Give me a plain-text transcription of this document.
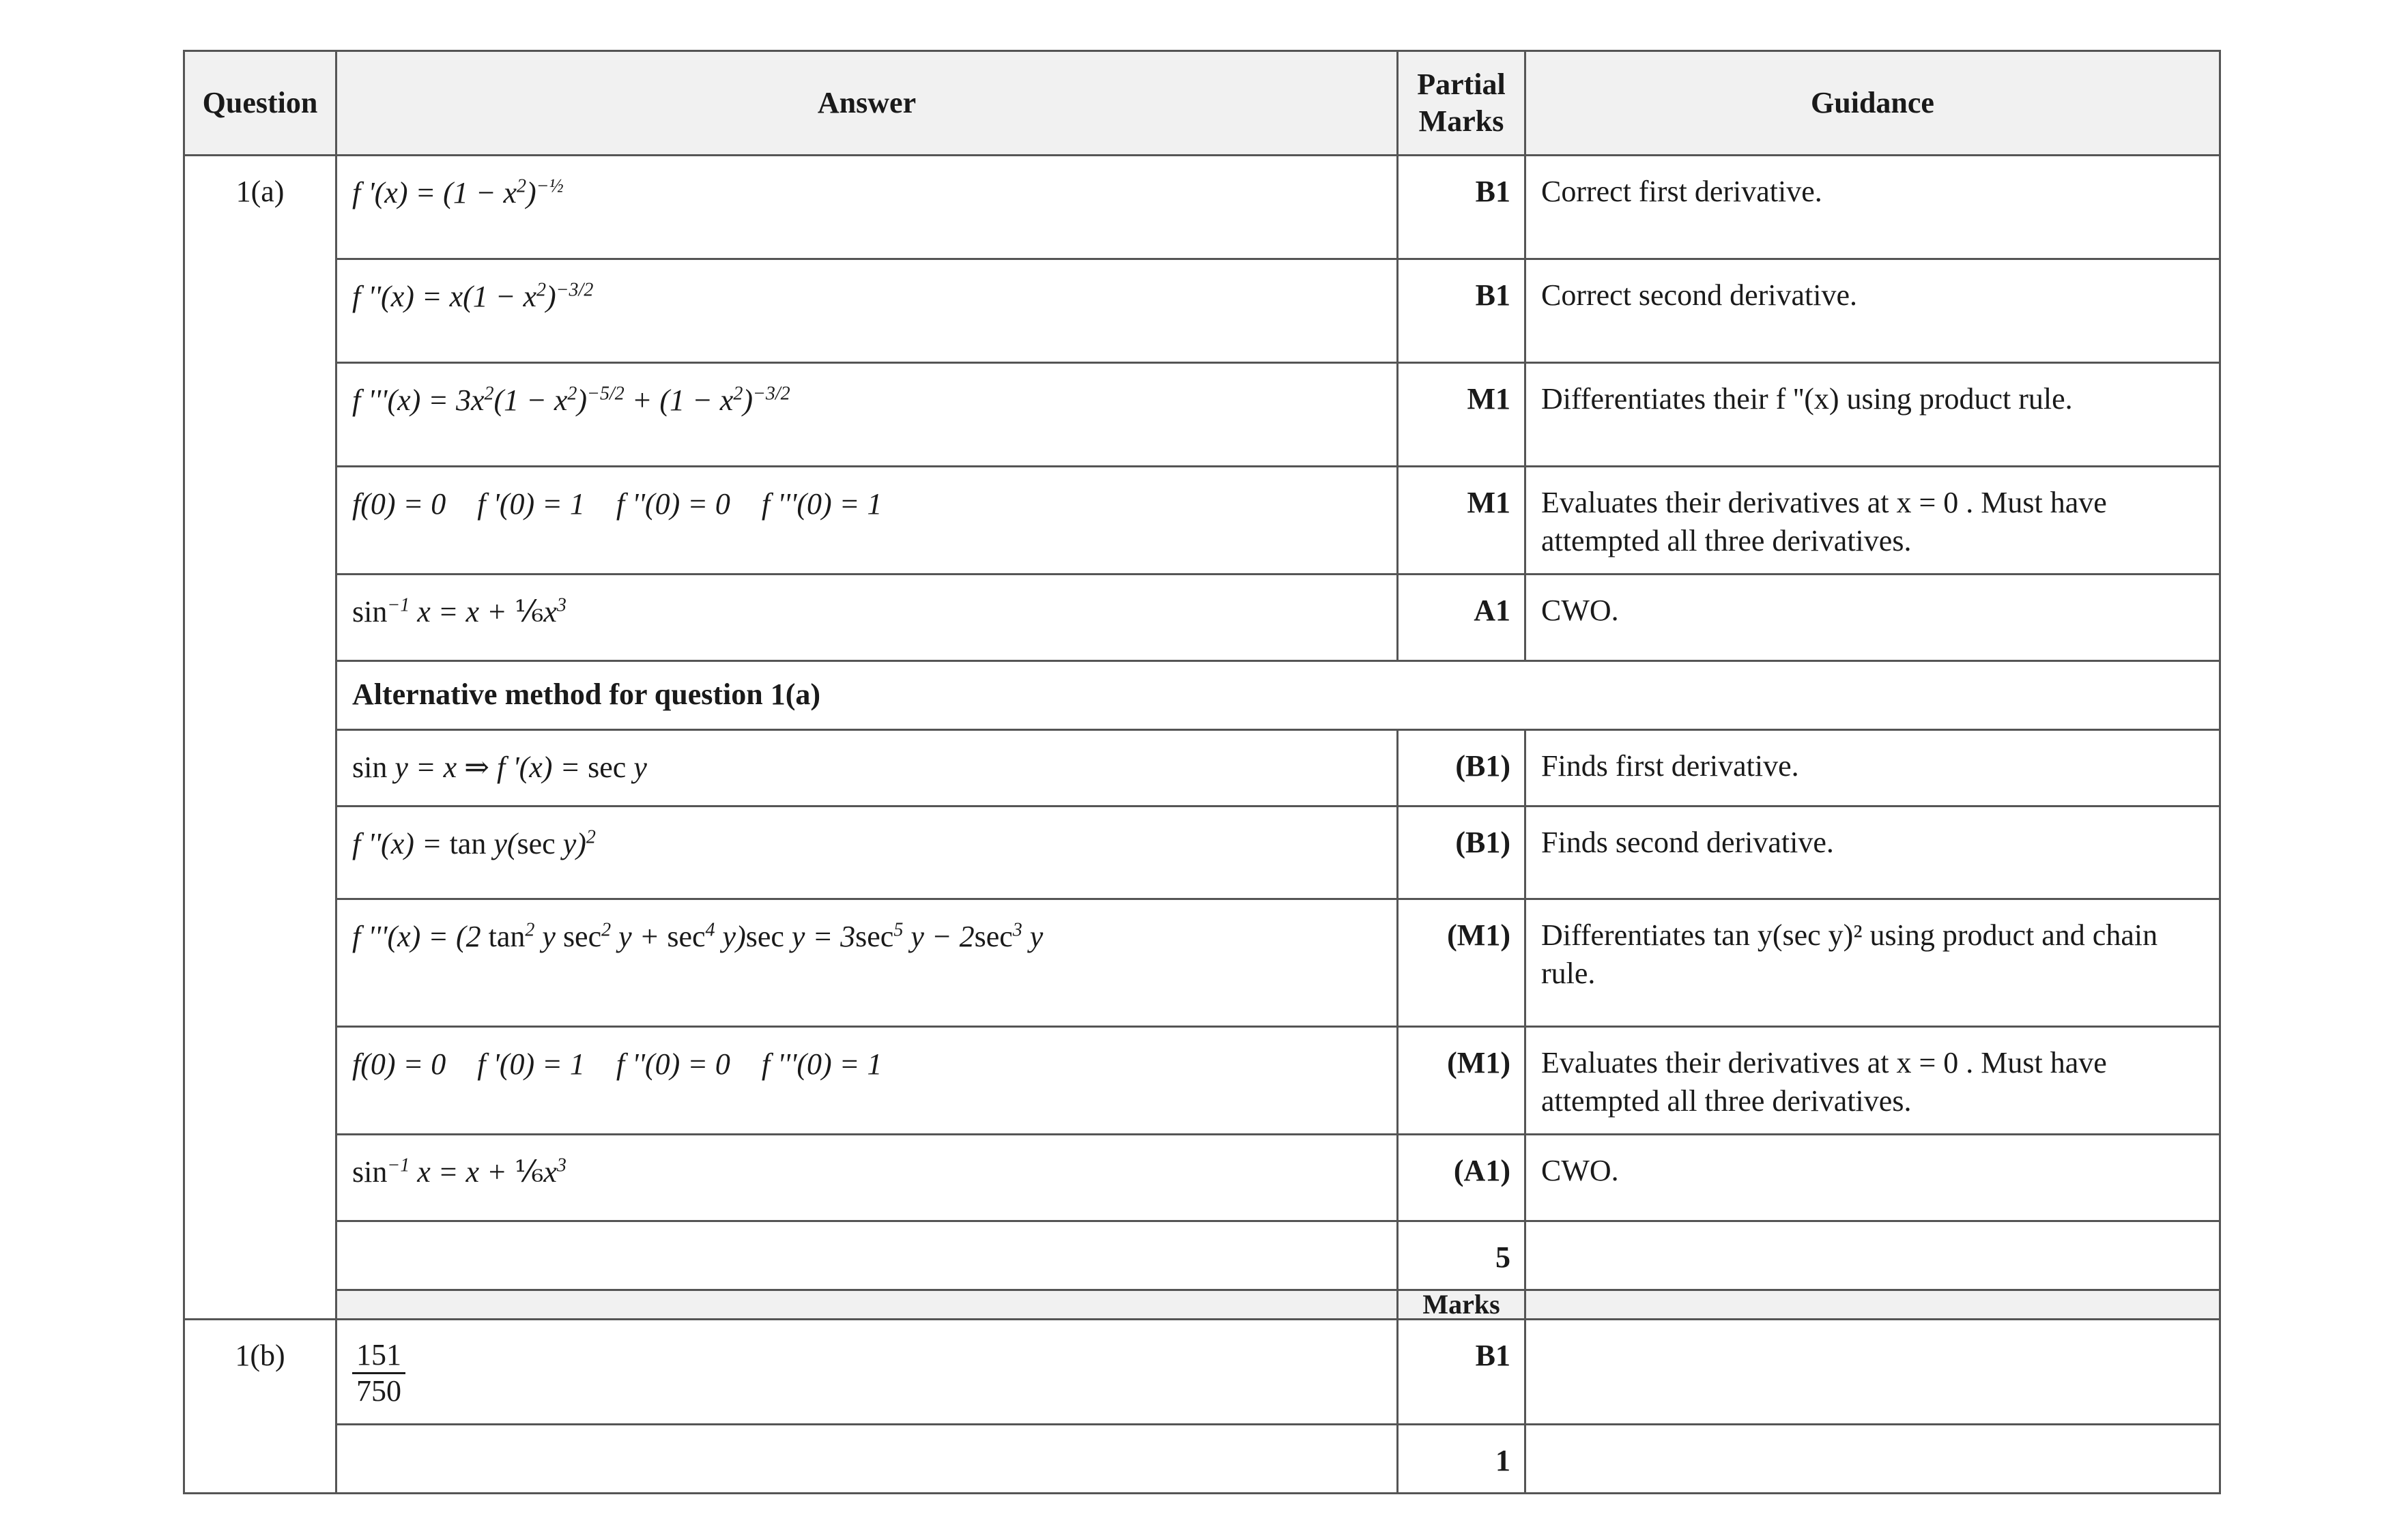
Question	Answer	Partial Marks	Guidance
1(a)	f '$(x) = (1 - x^2)^{-\frac{1}{2}}$	B1	Correct first derivative.
	f ''$(x) = x(1 - x^2)^{-3/2}$	B1	Correct second derivative.
	f '''$(x) = 3x^2(1 - x^2)^{-5/2} + (1 - x^2)^{-3/2}$	M1	Differentiates their f ''(x) using product rule.
	f(0) = 0 f '(0) = 1 f ''(0) = 0 f '''(0) = 1	M1	Evaluates their derivatives at x = 0 . Must have attempted all three derivatives.
	$\sin^{-1} x = x$ + $\frac{1}{6}x^3$	A1	CWO.
	Alternative method for question 1(a)		
	sin y = x ⇒ f '(x) = sec y	(B1)	Finds first derivative.
	f ''(x) = tan y(sec y)$^2$	(B1)	Finds second derivative.
	f '''(x) = (2 $\tan^2 y$ $\sec^2 y + \sec^4 y)\sec$ $y = 3\sec^5$ $y - 2\sec^3$ y	(M1)	Differentiates tan y(sec y)² using product and chain rule.
	f(0) = 0 f '(0) = 1 f ''(0) = 0 f '''(0) = 1	(M1)	Evaluates their derivatives at x = 0 . Must have attempted all three derivatives.
	$\sin^{-1} x = x$ + $\frac{1}{6}x^3$	(A1)	CWO.
		5	
		Marks	
1(b)	$\frac{151}{750}$	B1	
		1	
